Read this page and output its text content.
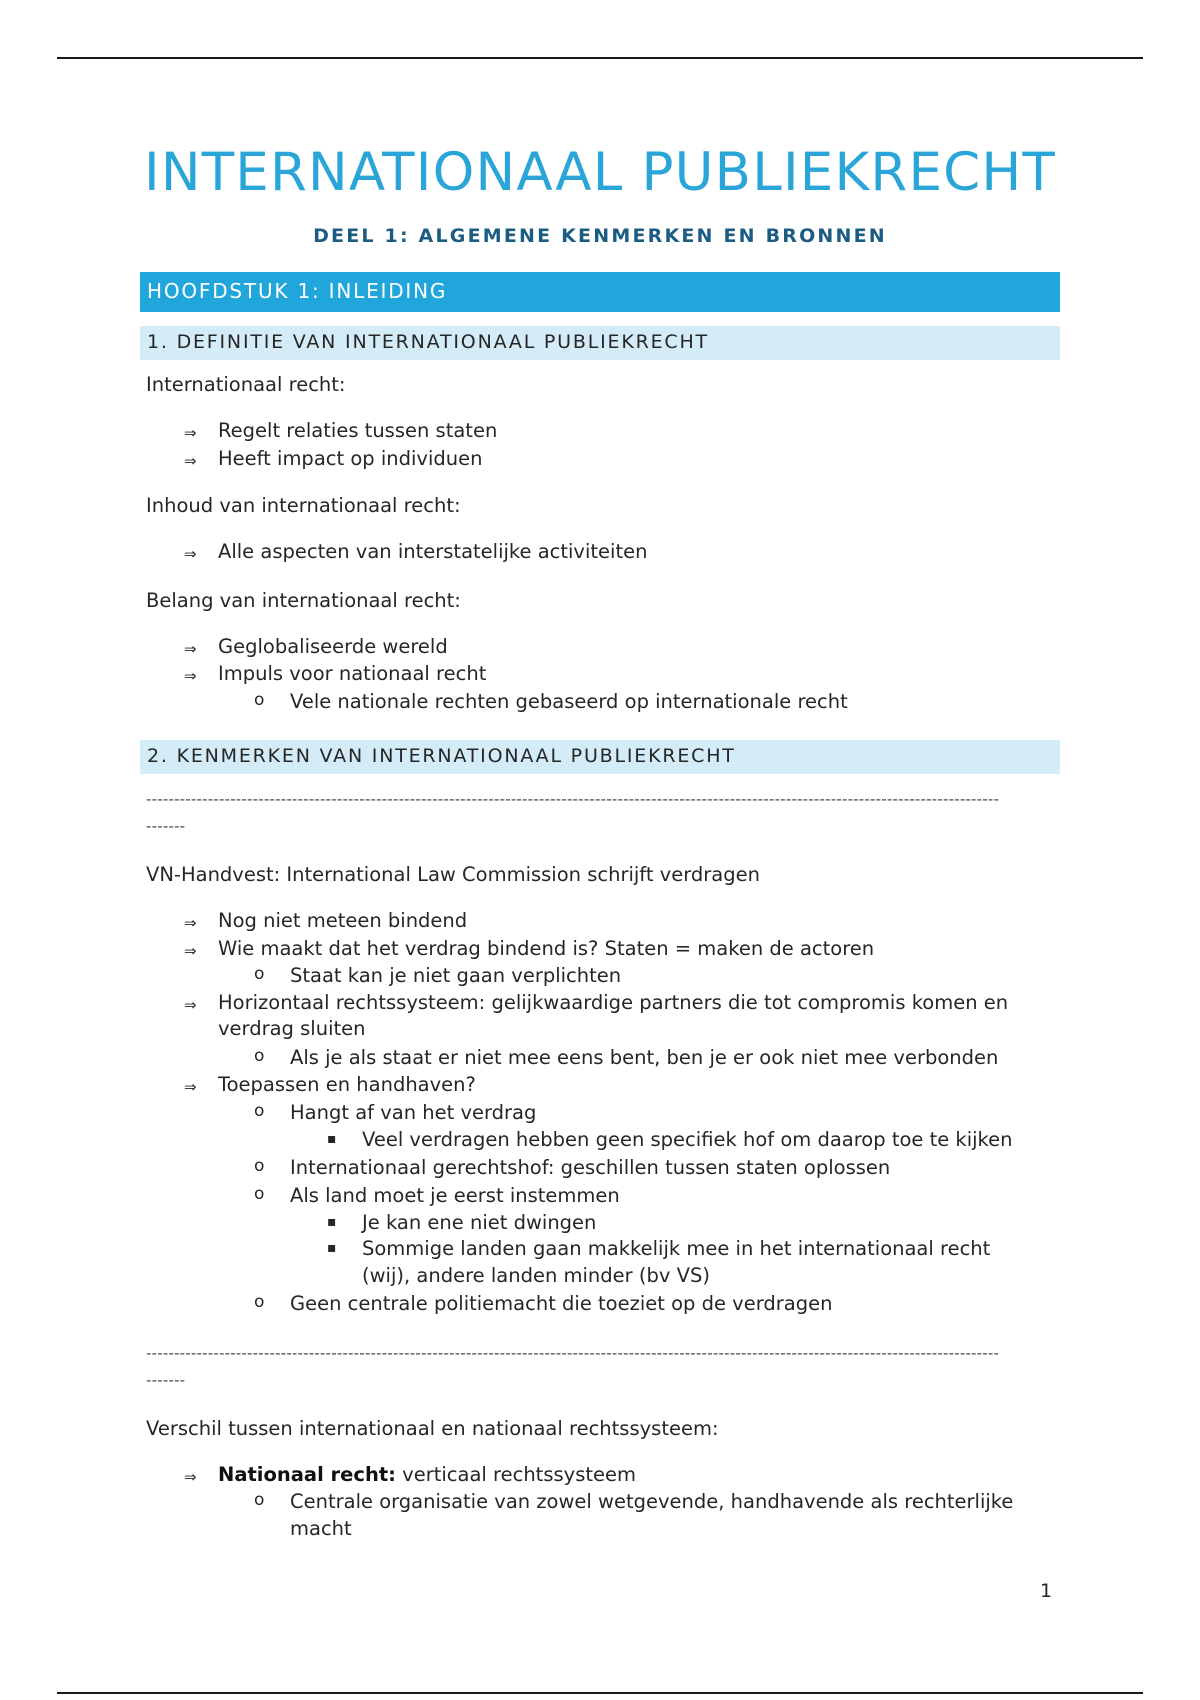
INTERNATIONAAL PUBLIEKRECHT
DEEL 1: ALGEMENE KENMERKEN EN BRONNEN
HOOFDSTUK 1: INLEIDING
1. DEFINITIE VAN INTERNATIONAAL PUBLIEKRECHT
Internationaal recht:
⇒ Regelt relaties tussen staten
⇒ Heeft impact op individuen
Inhoud van internationaal recht:
⇒ Alle aspecten van interstatelijke activiteiten
Belang van internationaal recht:
⇒ Geglobaliseerde wereld
⇒ Impuls voor nationaal recht
o Vele nationale rechten gebaseerd op internationale recht
2. KENMERKEN VAN INTERNATIONAAL PUBLIEKRECHT
--------------------------------------------------------------------------------------------------------------------------------------------------------
-------
VN-Handvest: International Law Commission schrijft verdragen
⇒ Nog niet meteen bindend
⇒ Wie maakt dat het verdrag bindend is? Staten = maken de actoren
o Staat kan je niet gaan verplichten
⇒ Horizontaal rechtssysteem: gelijkwaardige partners die tot compromis komen en
verdrag sluiten
o Als je als staat er niet mee eens bent, ben je er ook niet mee verbonden
⇒ Toepassen en handhaven?
o Hangt af van het verdrag
▪ Veel verdragen hebben geen specifiek hof om daarop toe te kijken
o Internationaal gerechtshof: geschillen tussen staten oplossen
o Als land moet je eerst instemmen
▪ Je kan ene niet dwingen
▪ Sommige landen gaan makkelijk mee in het internationaal recht
(wij), andere landen minder (bv VS)
o Geen centrale politiemacht die toeziet op de verdragen
--------------------------------------------------------------------------------------------------------------------------------------------------------
-------
Verschil tussen internationaal en nationaal rechtssysteem:
⇒ Nationaal recht: verticaal rechtssysteem
o Centrale organisatie van zowel wetgevende, handhavende als rechterlijke
macht
1
